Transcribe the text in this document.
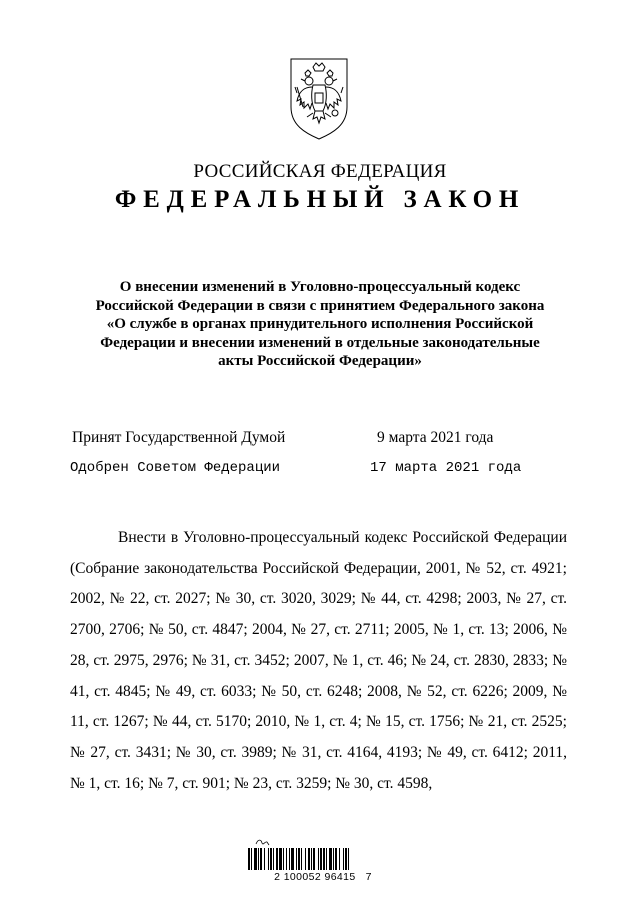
РОССИЙСКАЯ ФЕДЕРАЦИЯ
ФЕДЕРАЛЬНЫЙ ЗАКОН
О внесении изменений в Уголовно-процессуальный кодекс
Российской Федерации в связи с принятием Федерального закона
«О службе в органах принудительного исполнения Российской
Федерации и внесении изменений в отдельные законодательные
акты Российской Федерации»
Принят Государственной Думой	9 марта 2021 года
Одобрен Советом Федерации	17 марта 2021 года
Внести в Уголовно-процессуальный кодекс Российской Федерации (Собрание законодательства Российской Федерации, 2001, № 52, ст. 4921; 2002, № 22, ст. 2027; № 30, ст. 3020, 3029; № 44, ст. 4298; 2003, № 27, ст. 2700, 2706; № 50, ст. 4847; 2004, № 27, ст. 2711; 2005, № 1, ст. 13; 2006, № 28, ст. 2975, 2976; № 31, ст. 3452; 2007, № 1, ст. 46; № 24, ст. 2830, 2833; № 41, ст. 4845; № 49, ст. 6033; № 50, ст. 6248; 2008, № 52, ст. 6226; 2009, № 11, ст. 1267; № 44, ст. 5170; 2010, № 1, ст. 4; № 15, ст. 1756; № 21, ст. 2525; № 27, ст. 3431; № 30, ст. 3989; № 31, ст. 4164, 4193; № 49, ст. 6412; 2011, № 1, ст. 16; № 7, ст. 901; № 23, ст. 3259; № 30, ст. 4598,
2 100052 96415   7
